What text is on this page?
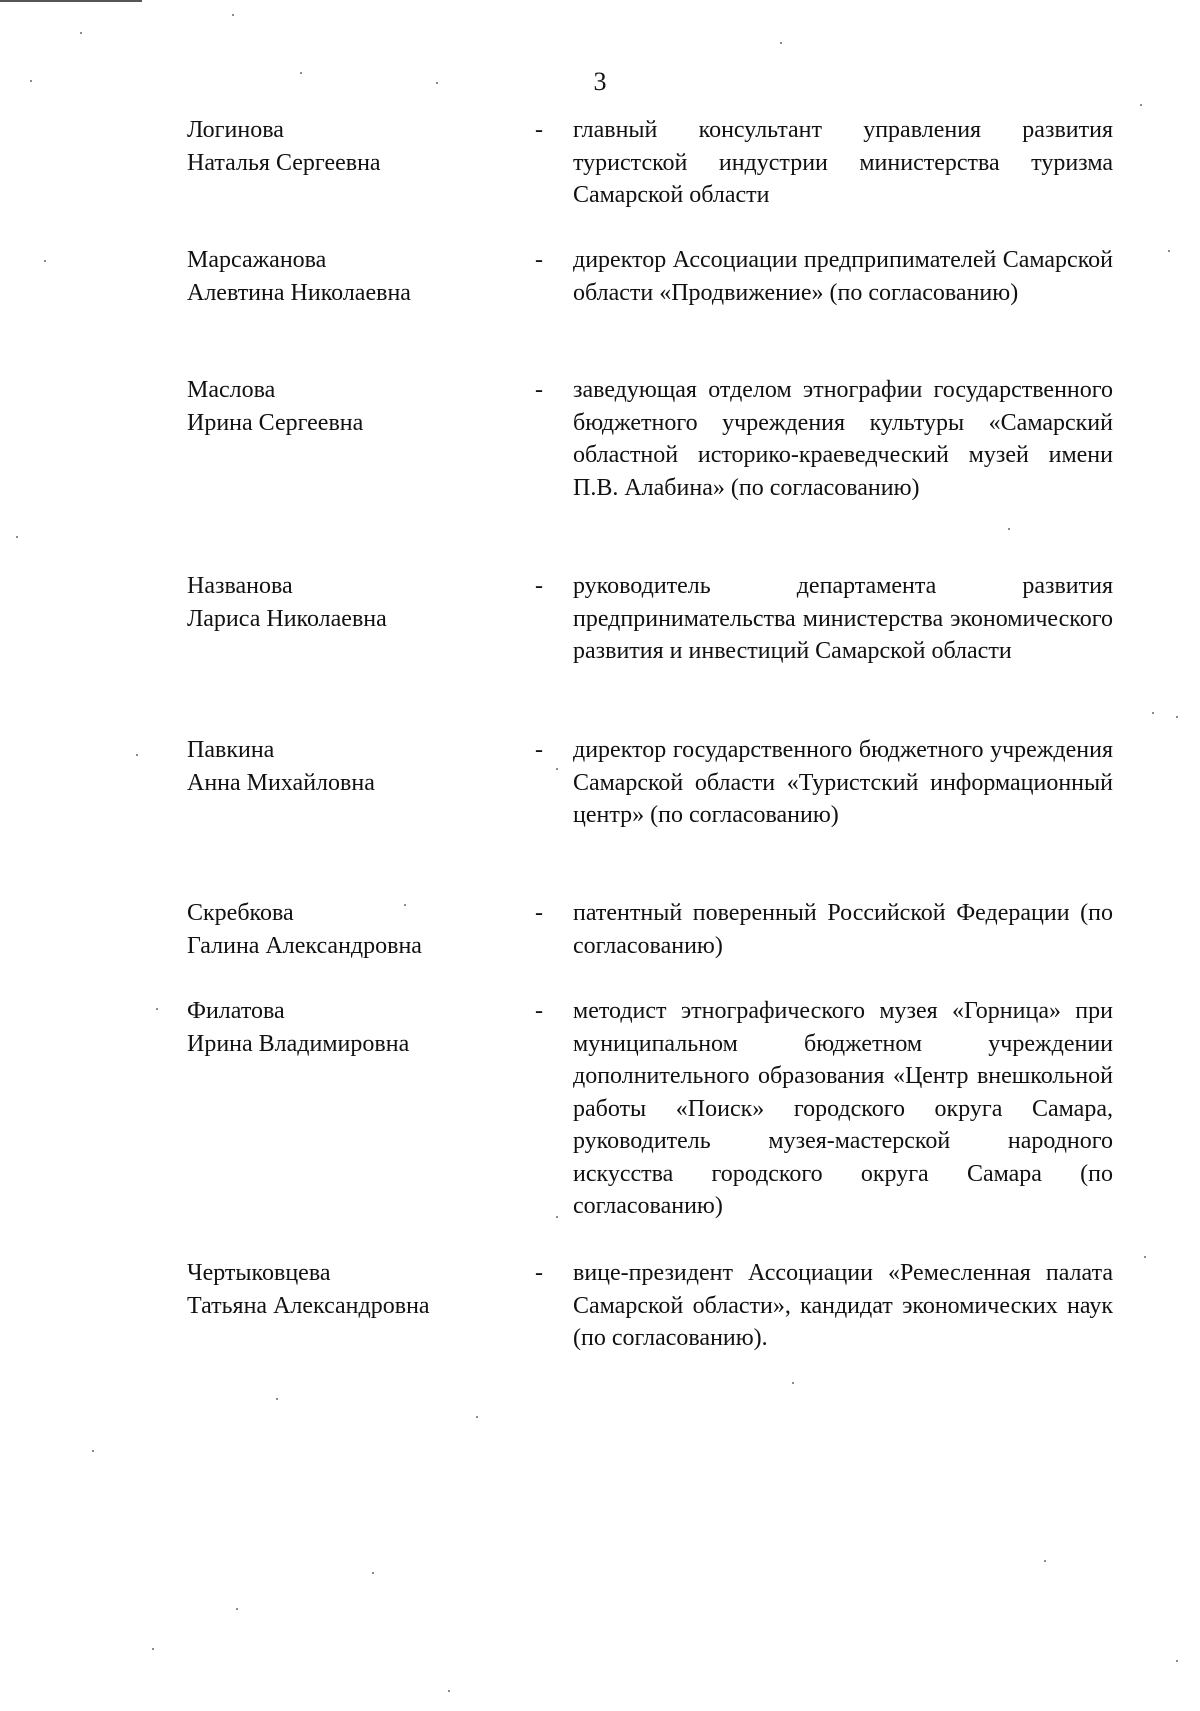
3
Логинова
Наталья Сергеевна
- главный консультант управления развития туристской индустрии министерства туризма Самарской области
Марсажанова
Алевтина Николаевна
- директор Ассоциации предприпимателей Самарской области «Продвижение» (по согласованию)
Маслова
Ирина Сергеевна
- заведующая отделом этнографии государственного бюджетного учреждения культуры «Самарский областной историко-краеведческий музей имени П.В. Алабина» (по согласованию)
Названова
Лариса Николаевна
- руководитель департамента развития предпринимательства министерства экономического развития и инвестиций Самарской области
Павкина
Анна Михайловна
- директор государственного бюджетного учреждения Самарской области «Туристский информационный центр» (по согласованию)
Скребкова
Галина Александровна
- патентный поверенный Российской Федерации (по согласованию)
Филатова
Ирина Владимировна
- методист этнографического музея «Горница» при муниципальном бюджетном учреждении дополнительного образования «Центр внешкольной работы «Поиск» городского округа Самара, руководитель музея-мастерской народного искусства городского округа Самара (по согласованию)
Чертыковцева
Татьяна Александровна
- вице-президент Ассоциации «Ремесленная палата Самарской области», кандидат экономических наук (по согласованию).
